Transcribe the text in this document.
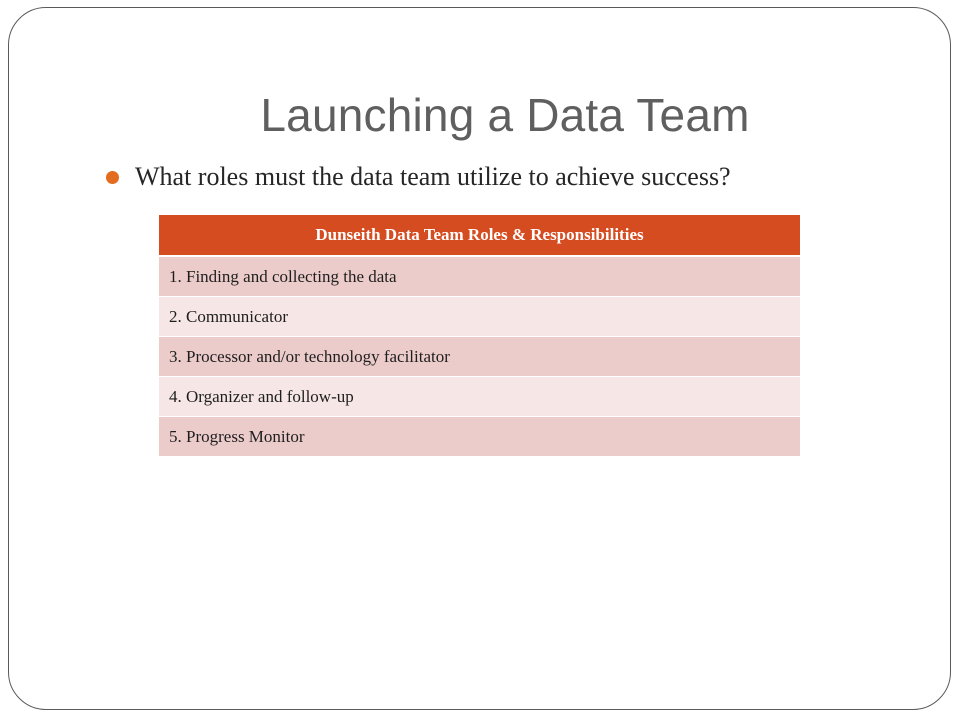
Launching a Data Team
What roles must the data team utilize to achieve success?
Dunseith Data Team Roles & Responsibilities
1. Finding and collecting the data
2. Communicator
3. Processor and/or technology facilitator
4. Organizer and follow-up
5. Progress Monitor
